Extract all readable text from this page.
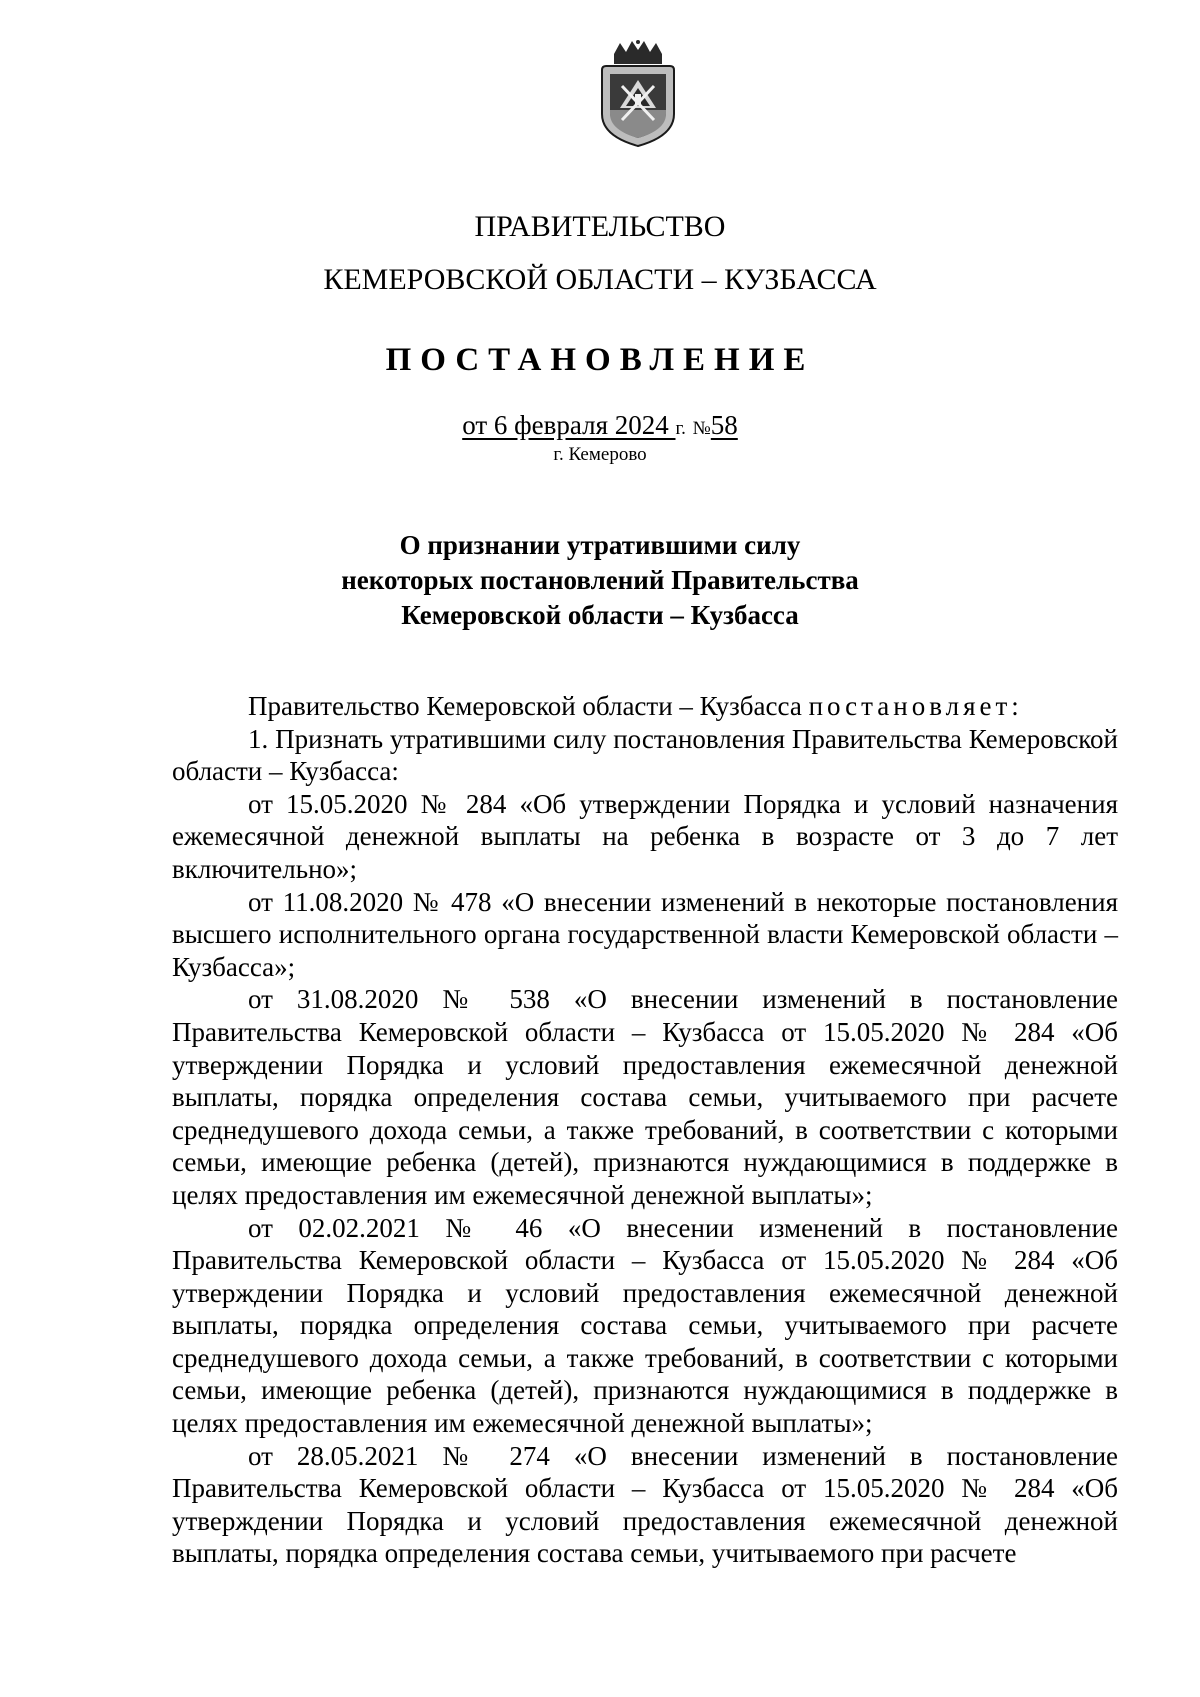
ПРАВИТЕЛЬСТВО
КЕМЕРОВСКОЙ ОБЛАСТИ – КУЗБАССА
ПОСТАНОВЛЕНИЕ
от 6 февраля 2024 г. №58
г. Кемерово
О признании утратившими силу
некоторых постановлений Правительства
Кемеровской области – Кузбасса

Правительство Кемеровской области – Кузбасса постановляет:

1. Признать утратившими силу постановления Правительства Кемеровской области – Кузбасса:

от 15.05.2020 № 284 «Об утверждении Порядка и условий назначения ежемесячной денежной выплаты на ребенка в возрасте от 3 до 7 лет включительно»;

от 11.08.2020 № 478 «О внесении изменений в некоторые постановления высшего исполнительного органа государственной власти Кемеровской области – Кузбасса»;

от 31.08.2020 № 538 «О внесении изменений в постановление Правительства Кемеровской области – Кузбасса от 15.05.2020 № 284 «Об утверждении Порядка и условий предоставления ежемесячной денежной выплаты, порядка определения состава семьи, учитываемого при расчете среднедушевого дохода семьи, а также требований, в соответствии с которыми семьи, имеющие ребенка (детей), признаются нуждающимися в поддержке в целях предоставления им ежемесячной денежной выплаты»;

от 02.02.2021 № 46 «О внесении изменений в постановление Правительства Кемеровской области – Кузбасса от 15.05.2020 № 284 «Об утверждении Порядка и условий предоставления ежемесячной денежной выплаты, порядка определения состава семьи, учитываемого при расчете среднедушевого дохода семьи, а также требований, в соответствии с которыми семьи, имеющие ребенка (детей), признаются нуждающимися в поддержке в целях предоставления им ежемесячной денежной выплаты»;

от 28.05.2021 № 274 «О внесении изменений в постановление Правительства Кемеровской области – Кузбасса от 15.05.2020 № 284 «Об утверждении Порядка и условий предоставления ежемесячной денежной выплаты, порядка определения состава семьи, учитываемого при расчете
